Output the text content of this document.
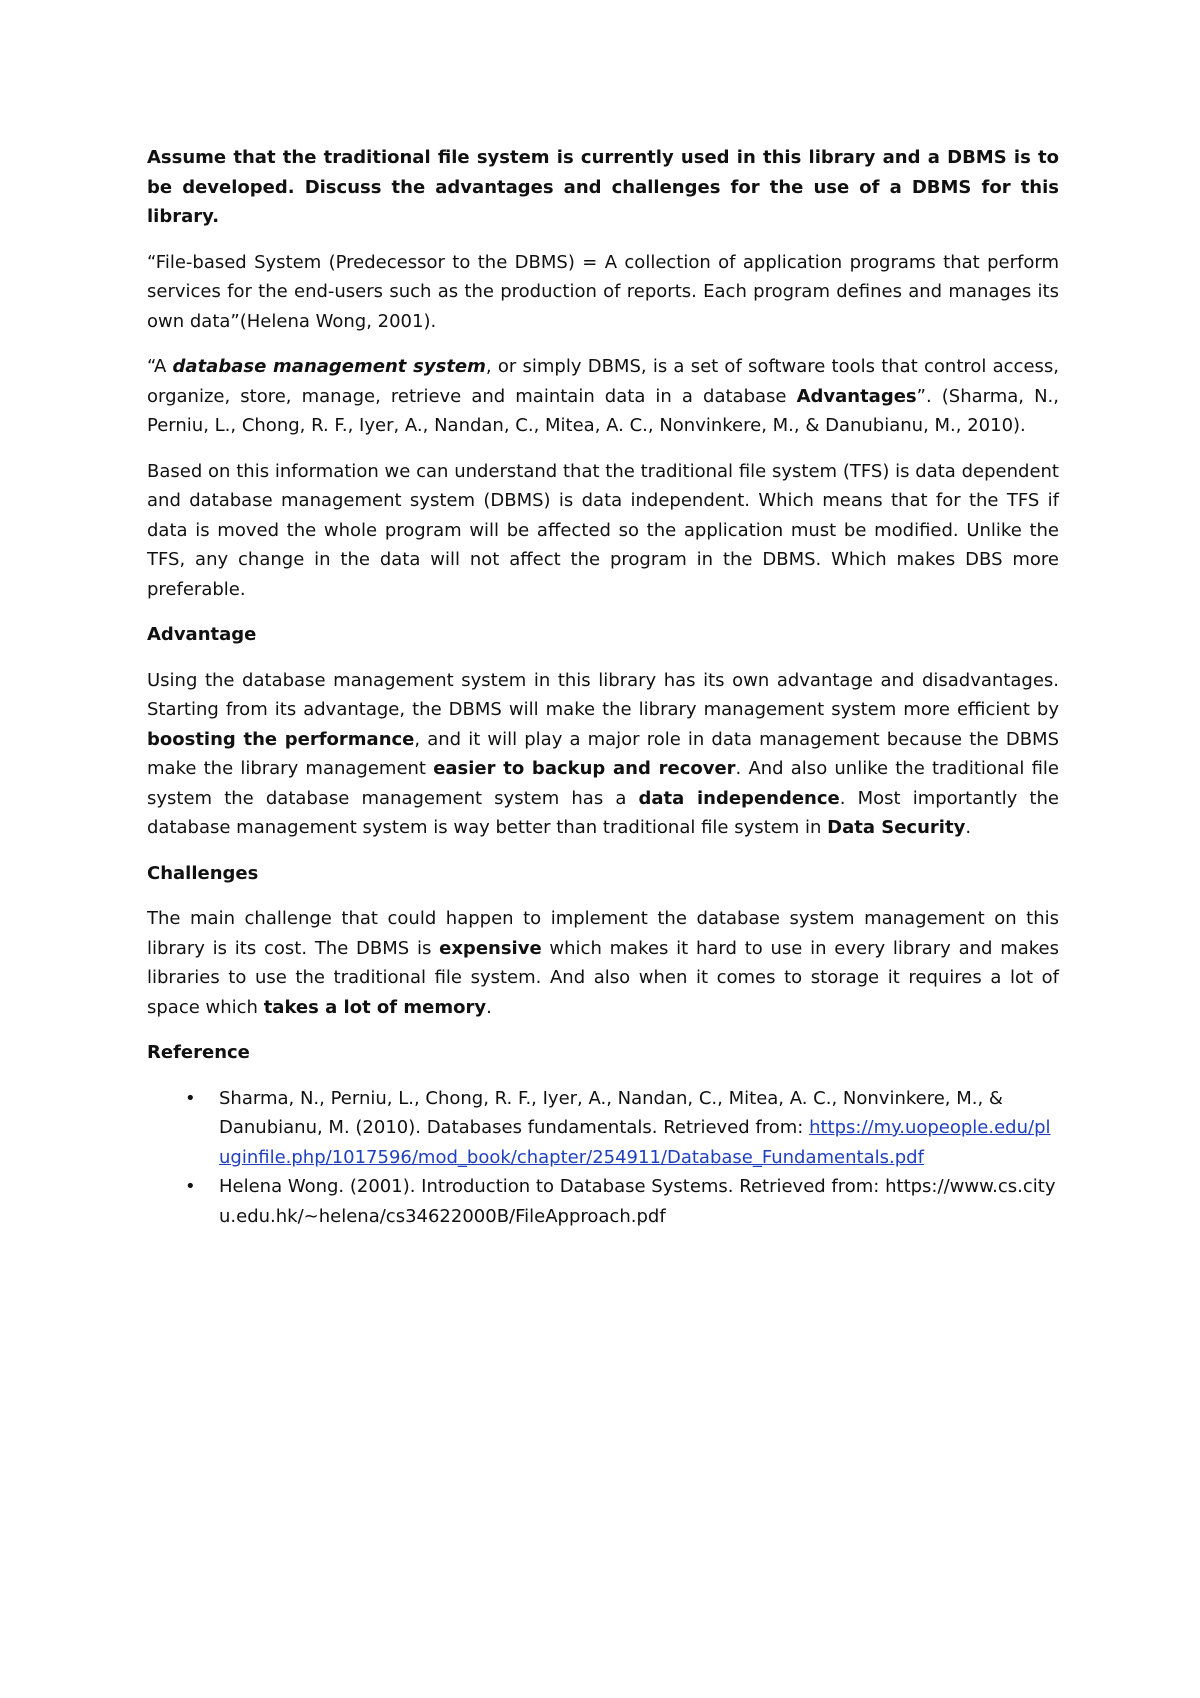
Assume that the traditional file system is currently used in this library and a DBMS is to be developed. Discuss the advantages and challenges for the use of a DBMS for this library.

“File-based System (Predecessor to the DBMS) = A collection of application programs that perform services for the end-users such as the production of reports. Each program defines and manages its own data”(Helena Wong, 2001).

“A database management system, or simply DBMS, is a set of software tools that control access, organize, store, manage, retrieve and maintain data in a database Advantages”. (Sharma, N., Perniu, L., Chong, R. F., Iyer, A., Nandan, C., Mitea, A. C., Nonvinkere, M., & Danubianu, M., 2010).

Based on this information we can understand that the traditional file system (TFS) is data dependent and database management system (DBMS) is data independent. Which means that for the TFS if data is moved the whole program will be affected so the application must be modified. Unlike the TFS, any change in the data will not affect the program in the DBMS. Which makes DBS more preferable.

Advantage

Using the database management system in this library has its own advantage and disadvantages. Starting from its advantage, the DBMS will make the library management system more efficient by boosting the performance, and it will play a major role in data management because the DBMS make the library management easier to backup and recover. And also unlike the traditional file system the database management system has a data independence. Most importantly the database management system is way better than traditional file system in Data Security.

Challenges

The main challenge that could happen to implement the database system management on this library is its cost. The DBMS is expensive which makes it hard to use in every library and makes libraries to use the traditional file system. And also when it comes to storage it requires a lot of space which takes a lot of memory.

Reference

• Sharma, N., Perniu, L., Chong, R. F., Iyer, A., Nandan, C., Mitea, A. C., Nonvinkere, M., & Danubianu, M. (2010). Databases fundamentals. Retrieved from: https://my.uopeople.edu/pluginfile.php/1017596/mod_book/chapter/254911/Database_Fundamentals.pdf
• Helena Wong. (2001). Introduction to Database Systems. Retrieved from: https://www.cs.cityu.edu.hk/~helena/cs34622000B/FileApproach.pdf
